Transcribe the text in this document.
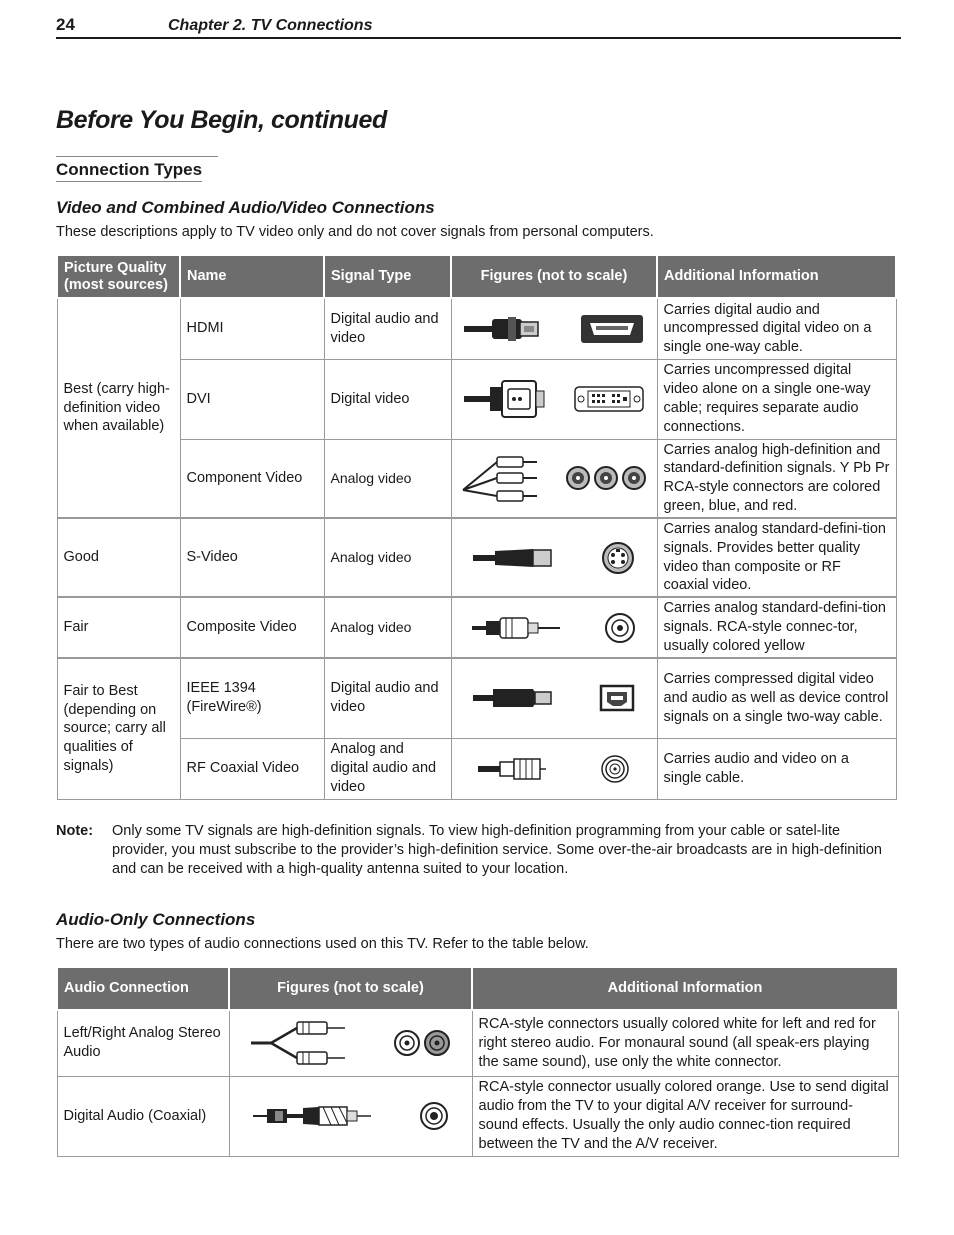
24	Chapter 2. TV Connections
Before You Begin, continued
Connection Types
Video and Combined Audio/Video Connections
These descriptions apply to TV video only and do not cover signals from personal computers.
Picture Quality (most sources)	Name	Signal Type	Figures (not to scale)	Additional Information
Best (carry high-definition video when available)	HDMI	Digital audio and video		Carries digital audio and uncompressed digital video on a single one-way cable.
	DVI	Digital video		Carries uncompressed digital video alone on a single one-way cable; requires separate audio connections.
	Component Video	Analog video		Carries analog high-definition and standard-definition signals. Y Pb Pr RCA-style connectors are colored green, blue, and red.
Good	S-Video	Analog video		Carries analog standard-defini-tion signals. Provides better quality video than composite or RF coaxial video.
Fair	Composite Video	Analog video		Carries analog standard-defini-tion signals. RCA-style connec-tor, usually colored yellow
Fair to Best (depending on source; carry all qualities of signals)	IEEE 1394 (FireWire®)	Digital audio and video		Carries compressed digital video and audio as well as device control signals on a single two-way cable.
	RF Coaxial Video	Analog and digital audio and video		Carries audio and video on a single cable.
Note: Only some TV signals are high-definition signals. To view high-definition programming from your cable or satel-lite provider, you must subscribe to the provider’s high-definition service. Some over-the-air broadcasts are in high-definition and can be received with a high-quality antenna suited to your location.
Audio-Only Connections
There are two types of audio connections used on this TV. Refer to the table below.
Audio Connection	Figures (not to scale)	Additional Information
Left/Right Analog Stereo Audio		RCA-style connectors usually colored white for left and red for right stereo audio. For monaural sound (all speak-ers playing the same sound), use only the white connector.
Digital Audio (Coaxial)		RCA-style connector usually colored orange. Use to send digital audio from the TV to your digital A/V receiver for surround-sound effects. Usually the only audio connec-tion required between the TV and the A/V receiver.
